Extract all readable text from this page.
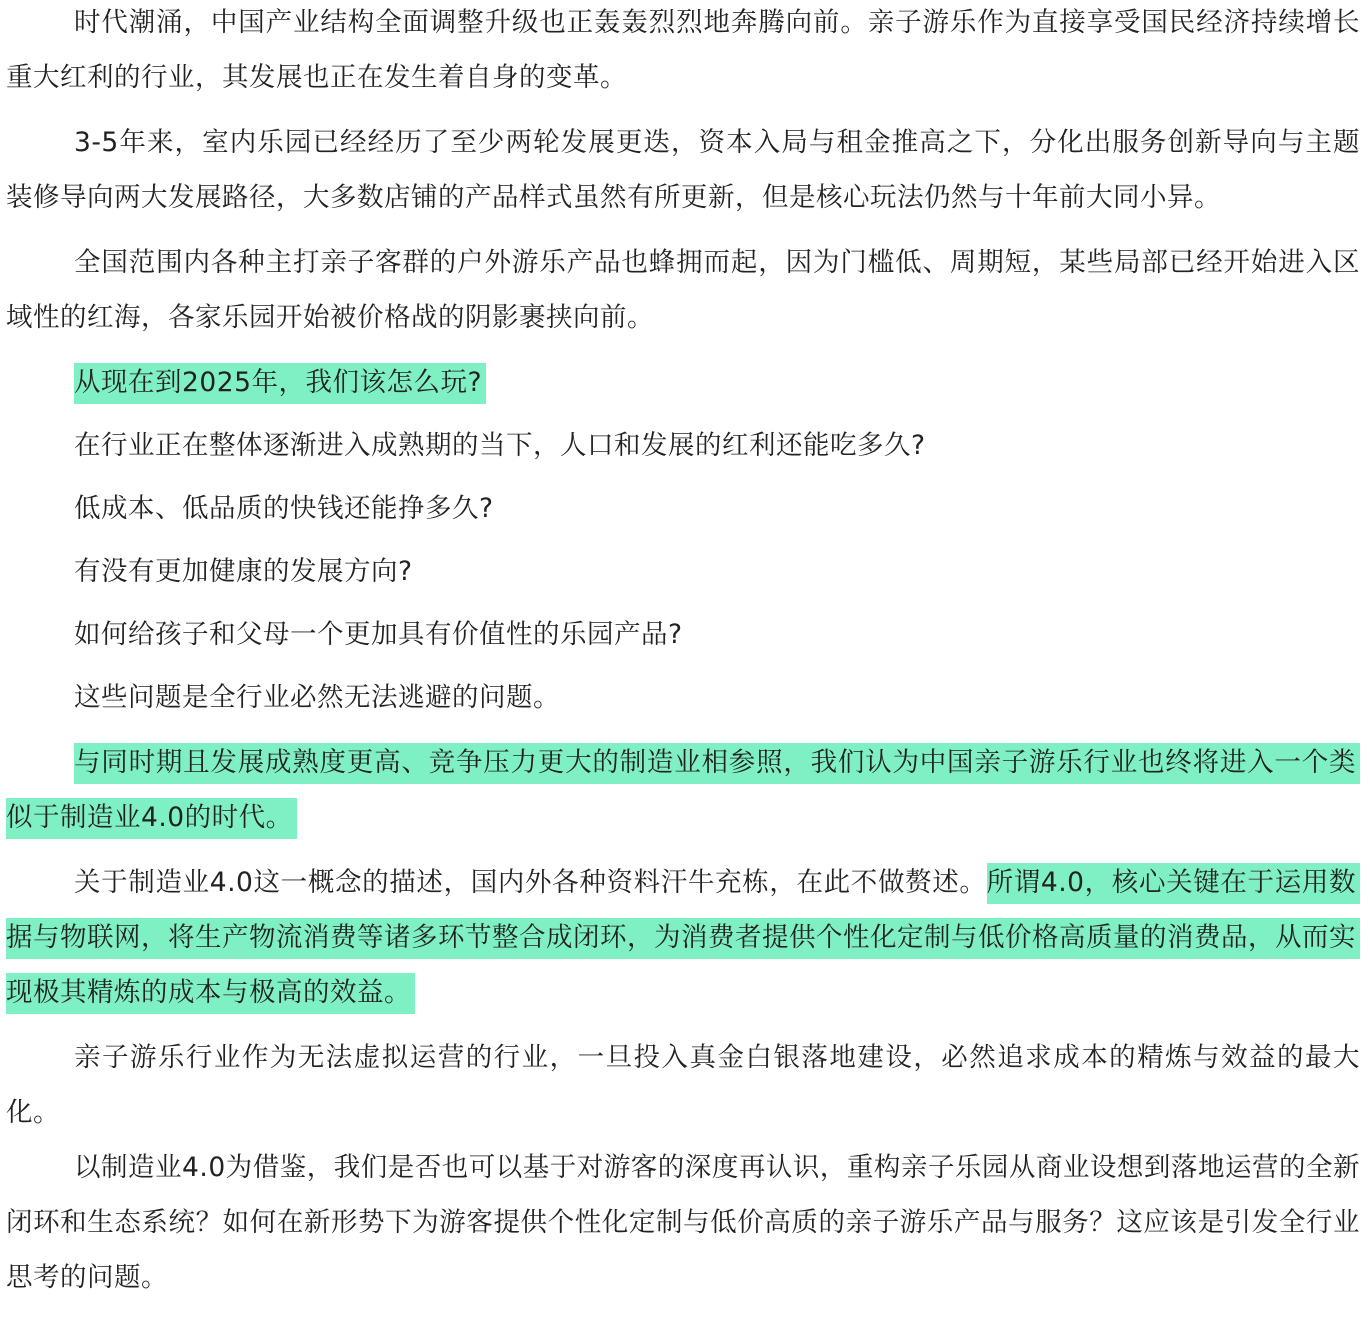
时代潮涌，中国产业结构全面调整升级也正轰轰烈烈地奔腾向前。亲子游乐作为直接享受国民经济持续增长重大红利的行业，其发展也正在发生着自身的变革。

3-5年来，室内乐园已经经历了至少两轮发展更迭，资本入局与租金推高之下，分化出服务创新导向与主题装修导向两大发展路径，大多数店铺的产品样式虽然有所更新，但是核心玩法仍然与十年前大同小异。

全国范围内各种主打亲子客群的户外游乐产品也蜂拥而起，因为门槛低、周期短，某些局部已经开始进入区域性的红海，各家乐园开始被价格战的阴影裹挟向前。

从现在到2025年，我们该怎么玩?

在行业正在整体逐渐进入成熟期的当下，人口和发展的红利还能吃多久?

低成本、低品质的快钱还能挣多久?

有没有更加健康的发展方向?

如何给孩子和父母一个更加具有价值性的乐园产品?

这些问题是全行业必然无法逃避的问题。

与同时期且发展成熟度更高、竞争压力更大的制造业相参照，我们认为中国亲子游乐行业也终将进入一个类似于制造业4.0的时代。

关于制造业4.0这一概念的描述，国内外各种资料汗牛充栋，在此不做赘述。所谓4.0，核心关键在于运用数据与物联网，将生产物流消费等诸多环节整合成闭环，为消费者提供个性化定制与低价格高质量的消费品，从而实现极其精炼的成本与极高的效益。

亲子游乐行业作为无法虚拟运营的行业，一旦投入真金白银落地建设，必然追求成本的精炼与效益的最大化。

以制造业4.0为借鉴，我们是否也可以基于对游客的深度再认识，重构亲子乐园从商业设想到落地运营的全新闭环和生态系统？如何在新形势下为游客提供个性化定制与低价高质的亲子游乐产品与服务？这应该是引发全行业思考的问题。
